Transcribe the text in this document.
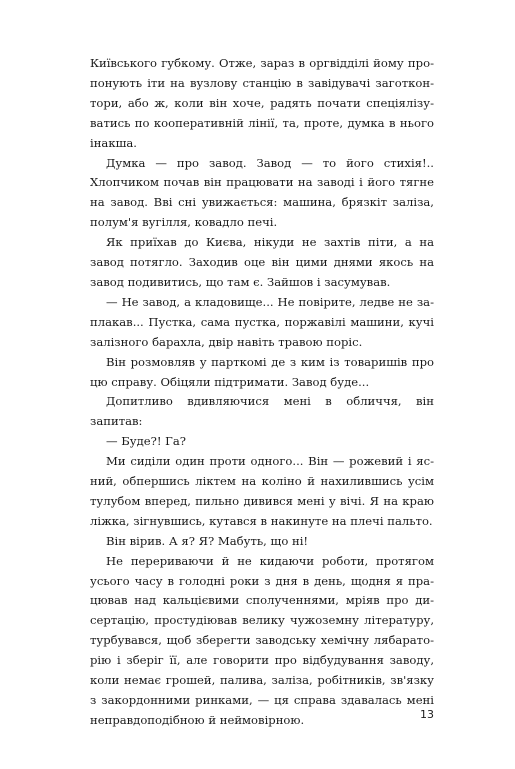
Київського губкому. Отже, зараз в оргвідділі йому пропонують іти на вузлову станцію в завідувачі заготконтори, або ж, коли він хоче, радять почати спеціялізуватись по кооперативній лінії, та, проте, думка в нього інакша.

Думка — про завод. Завод — то його стихія!.. Хлопчиком почав він працювати на заводі і його тягне на завод. Вві сні увижається: машина, брязкіт заліза, полум'я вугілля, ковадло печі.

Як приїхав до Києва, нікуди не захтів піти, а на завод потягло. Заходив оце він цими днями якось на завод подивитись, що там є. Зайшов і засумував.

— Не завод, а кладовище... Не повірите, ледве не заплакав... Пустка, сама пустка, поржавілі машини, кучі залізного барахла, двір навіть травою поріс.

Він розмовляв у парткомі де з ким із товаришів про цю справу. Обіцяли підтримати. Завод буде...

Допитливо вдивляючися мені в обличчя, він запитав:

— Буде?! Га?

Ми сиділи один проти одного... Він — рожевий і ясний, обпершись ліктем на коліно й нахилившись усім тулубом вперед, пильно дивився мені у вічі. Я на краю ліжка, зігнувшись, кутався в накинуте на плечі пальто.

Він вірив. А я? Я? Мабуть, що ні!

Не перериваючи й не кидаючи роботи, протягом усього часу в голодні роки з дня в день, щодня я працював над кальцієвими сполученнями, мріяв про дисертацію, простудіював велику чужоземну літературу, турбувався, щоб зберегти заводську хемічну лябараторію і зберіг її, але говорити про відбудування заводу, коли немає грошей, палива, заліза, робітників, зв'язку з закордонними ринками, — ця справа здавалась мені неправдоподібною й неймовірною.	13
